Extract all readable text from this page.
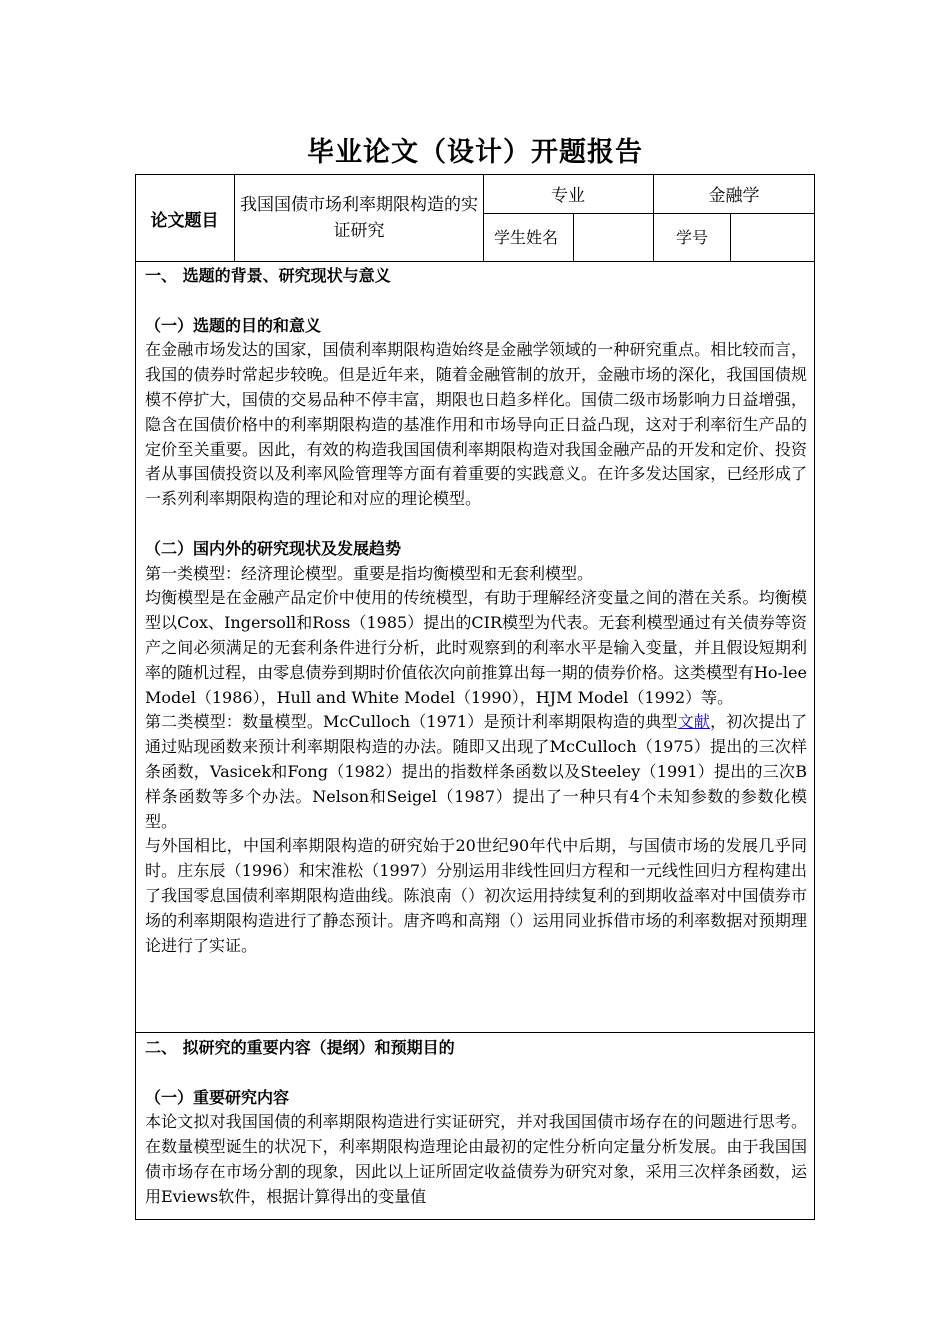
毕业论文（设计）开题报告
论文题目
我国国债市场利率期限构造的实证研究
专业	金融学
学生姓名	学号

一、 选题的背景、研究现状与意义

（一）选题的目的和意义

在金融市场发达的国家，国债利率期限构造始终是金融学领域的一种研究重点。相比较而言，我国的债券时常起步较晚。但是近年来，随着金融管制的放开，金融市场的深化，我国国债规模不停扩大，国债的交易品种不停丰富，期限也日趋多样化。国债二级市场影响力日益增强，隐含在国债价格中的利率期限构造的基准作用和市场导向正日益凸现，这对于利率衍生产品的定价至关重要。因此，有效的构造我国国债利率期限构造对我国金融产品的开发和定价、投资者从事国债投资以及利率风险管理等方面有着重要的实践意义。在许多发达国家，已经形成了一系列利率期限构造的理论和对应的理论模型。

（二）国内外的研究现状及发展趋势

第一类模型：经济理论模型。重要是指均衡模型和无套利模型。

均衡模型是在金融产品定价中使用的传统模型，有助于理解经济变量之间的潜在关系。均衡模型以Cox、Ingersoll和Ross（1985）提出的CIR模型为代表。无套利模型通过有关债券等资产之间必须满足的无套利条件进行分析，此时观察到的利率水平是输入变量，并且假设短期利率的随机过程，由零息债券到期时价值依次向前推算出每一期的债券价格。这类模型有Ho-lee Model（1986），Hull and White Model（1990），HJM Model（1992）等。

第二类模型：数量模型。McCulloch（1971）是预计利率期限构造的典型文献，初次提出了通过贴现函数来预计利率期限构造的办法。随即又出现了McCulloch（1975）提出的三次样条函数，Vasicek和Fong（1982）提出的指数样条函数以及Steeley（1991）提出的三次B样条函数等多个办法。Nelson和Seigel（1987）提出了一种只有4个未知参数的参数化模型。

与外国相比，中国利率期限构造的研究始于20世纪90年代中后期，与国债市场的发展几乎同时。庄东辰（1996）和宋淮松（1997）分别运用非线性回归方程和一元线性回归方程构建出了我国零息国债利率期限构造曲线。陈浪南（）初次运用持续复利的到期收益率对中国债券市场的利率期限构造进行了静态预计。唐齐鸣和高翔（）运用同业拆借市场的利率数据对预期理论进行了实证。

二、 拟研究的重要内容（提纲）和预期目的

（一）重要研究内容

本论文拟对我国国债的利率期限构造进行实证研究，并对我国国债市场存在的问题进行思考。在数量模型诞生的状况下，利率期限构造理论由最初的定性分析向定量分析发展。由于我国国债市场存在市场分割的现象，因此以上证所固定收益债券为研究对象，采用三次样条函数，运用Eviews软件，根据计算得出的变量值
